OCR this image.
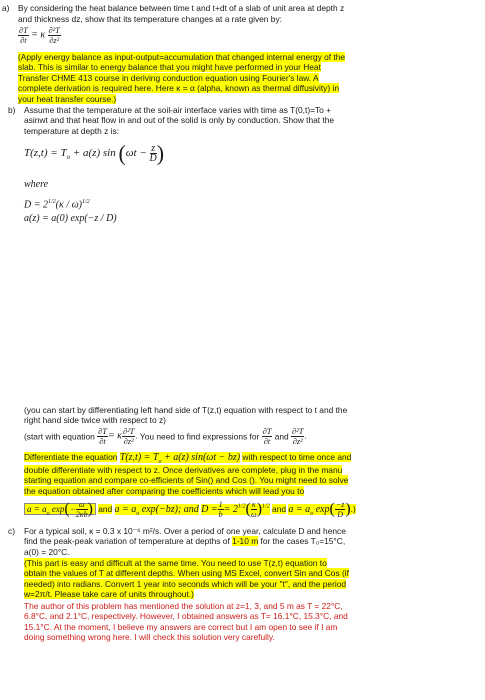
a) By considering the heat balance between time t and t+dt of a slab of unit area at depth z
and thickness dz, show that its temperature changes at a rate given by:
$\frac{\partial T}{\partial t} = \kappa \frac{\text{∂²T}}{\text{∂z²}}$
(Apply energy balance as input-output=accumulation that changed internal energy of the
slab. This is similar to energy balance that you might have performed in your Heat
Transfer CHME 413 course in deriving conduction equation using Fourier's law. A
complete derivation is required here. Here κ = α (alpha, known as thermal diffusivity) in
your heat transfer course.)
b) Assume that the temperature at the soil-air interface varies with time as T(0,t)=To +
asinwt and that heat flow in and out of the solid is only by conduction. Show that the
temperature at depth z is:
$T(z,t) = T_o + a(z)$ $\sin (\omega t - \frac{z}{D}$ )
where
$D = 2^{1/2}(\kappa / \omega)^{1/2}$
a(z) = a(0) exp(−z / D)
(you can start by differentiating left hand side of T(z,t) equation with respect to t and the
right hand side twice with respect to z)
(start with equation $\frac{\partial T}{\partial t} = \kappa \frac{\text{∂²T}}{\text{∂z²}}$ . You need to find expressions for $\frac{\partial T}{\partial t}$ and $\frac{\text{∂²T}}{\text{∂z²}}$ .
Differentiate the equation $T(z,t) = T_o + a(z) \sin(\omega t - bz)$ with respect to time once and
double differentiate with respect to z. Once derivatives are complete, plug in the manu
starting equation and compare co-efficients of Sin() and Cos (). You might need to solve
the equation obtained after comparing the coefficients which will lead you to
$a = a_o$ $\exp(- \frac{\omega}{2\kappa b}$ ) and $a = a_o$ exp(−bz); and $D = \frac{1}{b} = 2^{1/2}( \frac{\kappa}{\omega} )^{1/2}$ and $a = a_o$ $\exp( \frac{-z}{D}$ ).)
c) For a typical soil, κ = 0.3 x 10⁻⁶ m²/s. Over a period of one year, calculate D and hence
find the peak-peak variation of temperature at depths of 1-10 m for the cases T₀=15°C,
a(0) = 20°C.
(This part is easy and difficult at the same time. You need to use T(z,t) equation to
obtain the values of T at different depths. When using MS Excel, convert Sin and Cos (if
needed) into radians. Convert 1 year into seconds which will be your "t", and the period
w=2π/t. Please take care of units throughout.)
The author of this problem has mentioned the solution at z=1, 3, and 5 m as T = 22°C,
6.8°C, and 2.1°C, respectively. However, I obtained answers as T= 16.1°C, 15.3°C, and
15.1°C. At the moment, I believe my answers are correct but I am open to see if I am
doing something wrong here. I will check this solution very carefully.
